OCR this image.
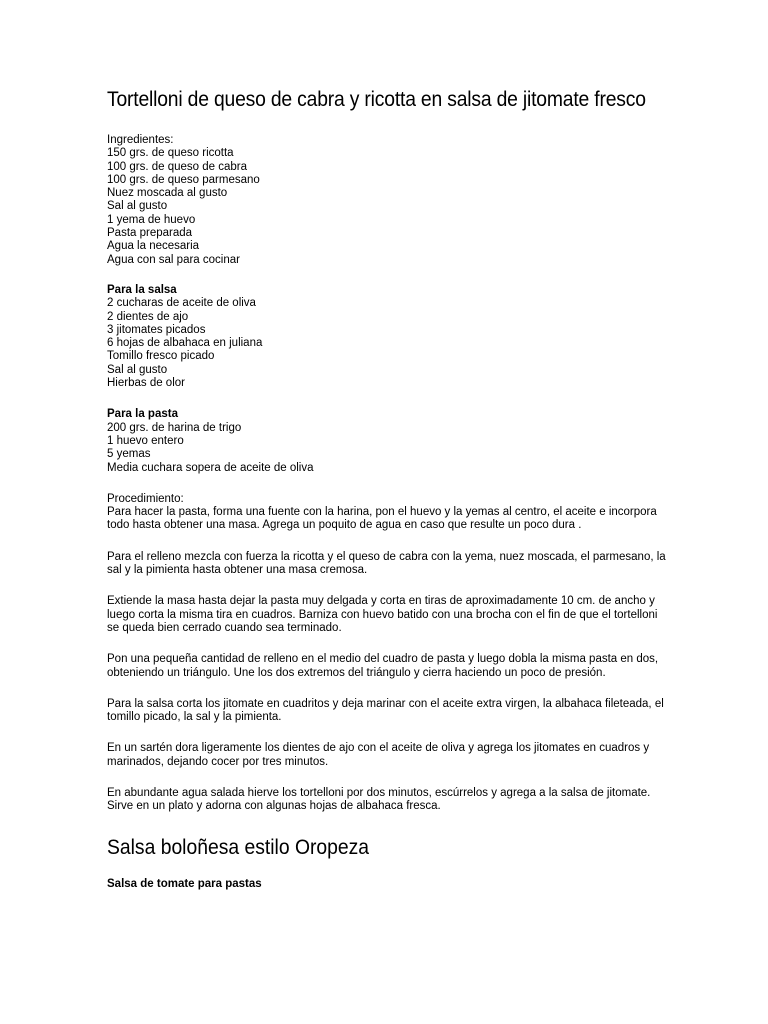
Tortelloni de queso de cabra y ricotta en salsa de jitomate fresco
Ingredientes:
150 grs. de queso ricotta
100 grs. de queso de cabra
100 grs. de queso parmesano
Nuez moscada al gusto
Sal al gusto
1 yema de huevo
Pasta preparada
Agua la necesaria
Agua con sal para cocinar
Para la salsa
2 cucharas de aceite de oliva
2 dientes de ajo
3 jitomates picados
6 hojas de albahaca en juliana
Tomillo fresco picado
Sal al gusto
Hierbas de olor
Para la pasta
200 grs. de harina de trigo
1 huevo entero
5 yemas
Media cuchara sopera de aceite de oliva
Procedimiento:
Para hacer la pasta, forma una fuente con la harina, pon el huevo y la yemas al centro, el aceite e incorpora todo hasta obtener una masa. Agrega un poquito de agua en caso que resulte un poco dura .

Para el relleno mezcla con fuerza la ricotta y el queso de cabra con la yema, nuez moscada, el parmesano, la sal y la pimienta hasta obtener una masa cremosa.

Extiende la masa hasta dejar la pasta muy delgada y corta en tiras de aproximadamente 10 cm. de ancho y luego corta la misma tira en cuadros. Barniza con huevo batido con una brocha con el fin de que el tortelloni se queda bien cerrado cuando sea terminado.

Pon una pequeña cantidad de relleno en el medio del cuadro de pasta y luego dobla la misma pasta en dos, obteniendo un triángulo. Une los dos extremos del triángulo y cierra haciendo un poco de presión.

Para la salsa corta los jitomate en cuadritos y deja marinar con el aceite extra virgen, la albahaca fileteada, el tomillo picado, la sal y la pimienta.

En un sartén dora ligeramente los dientes de ajo con el aceite de oliva y agrega los jitomates en cuadros y marinados, dejando cocer por tres minutos.

En abundante agua salada hierve los tortelloni por dos minutos, escúrrelos y agrega a la salsa de jitomate. Sirve en un plato y adorna con algunas hojas de albahaca fresca.

Salsa boloñesa estilo Oropeza
Salsa de tomate para pastas
